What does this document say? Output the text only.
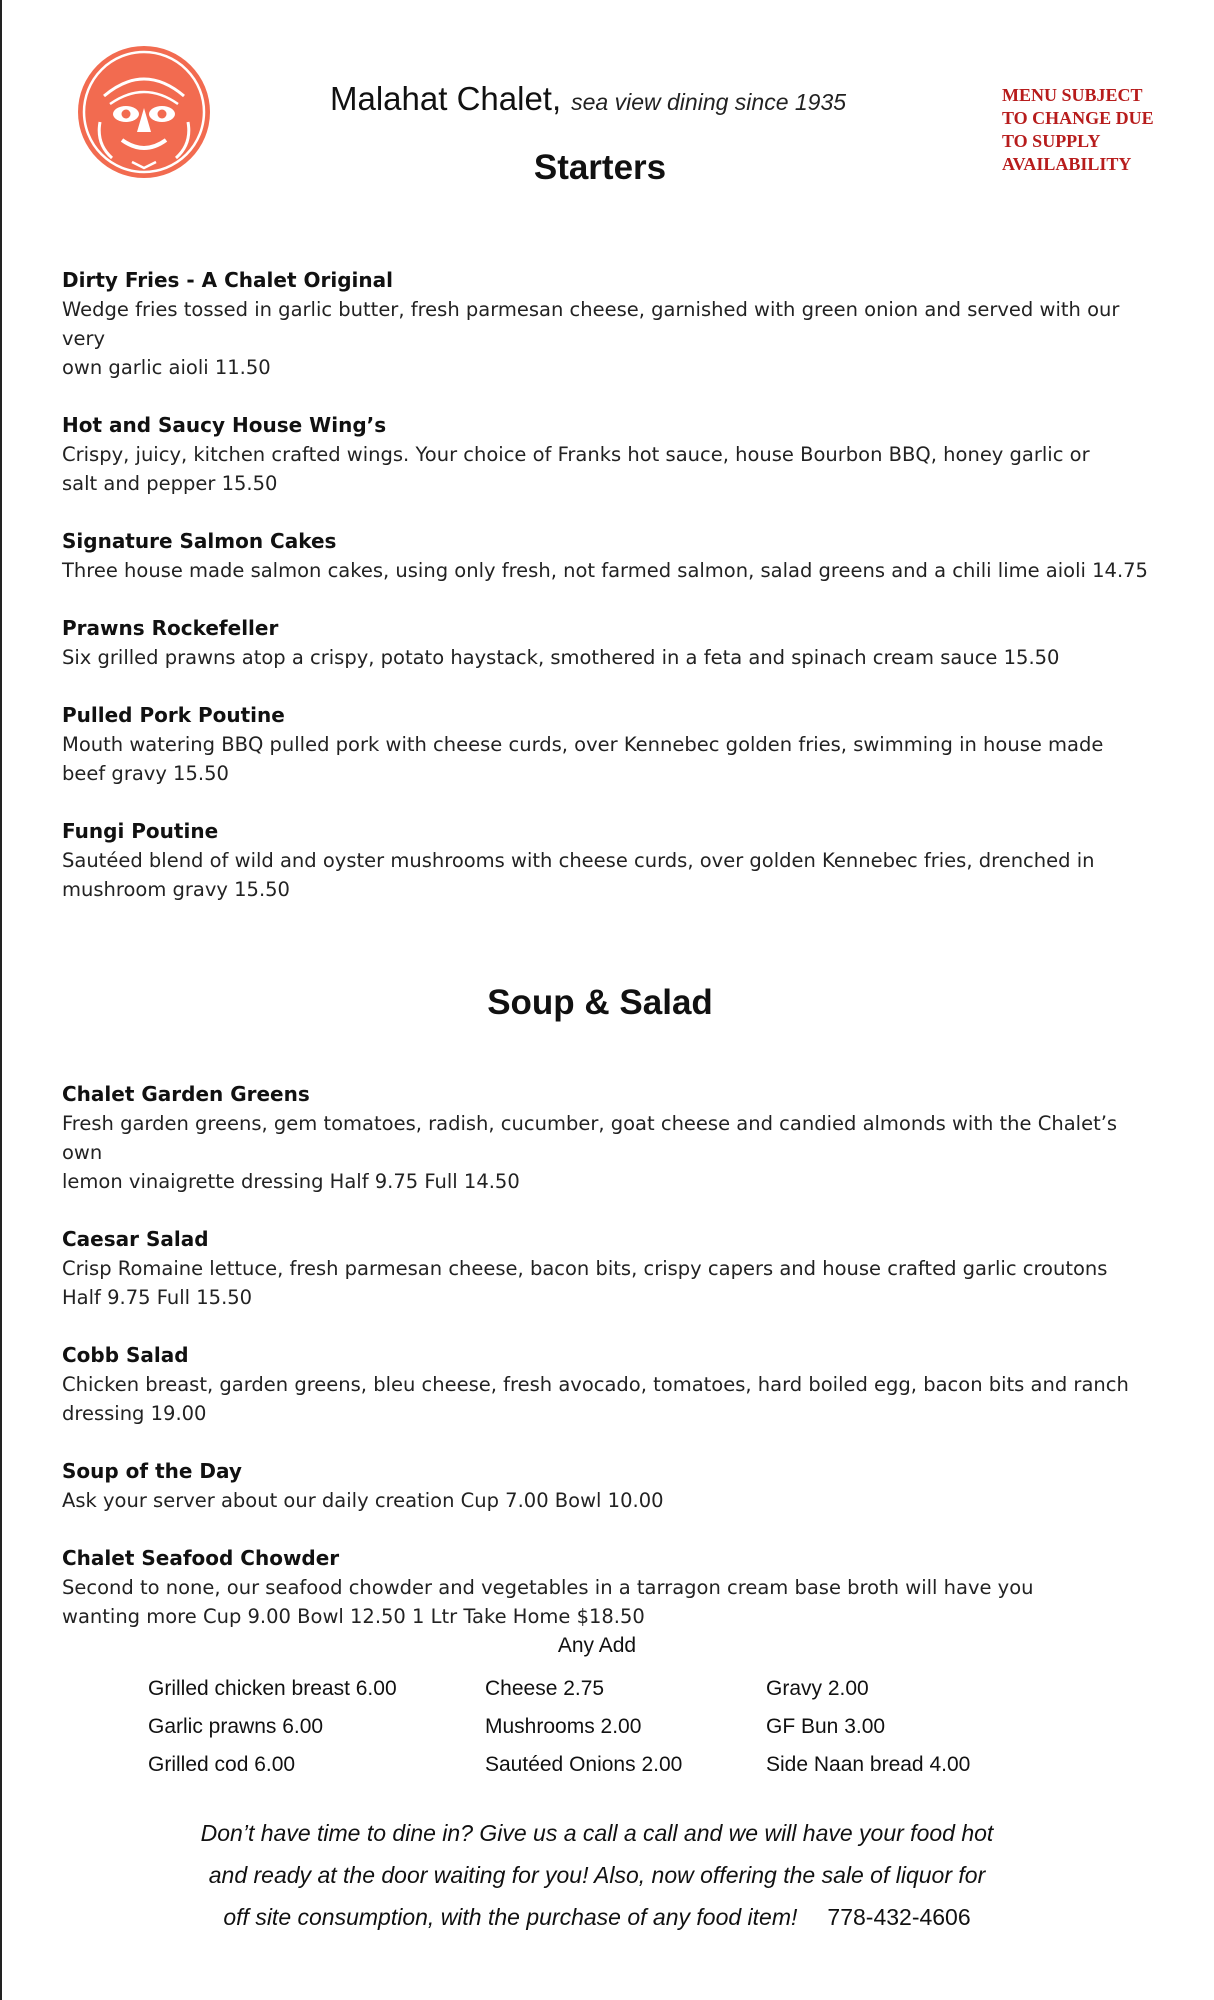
Malahat Chalet, sea view dining since 1935	MENU SUBJECT
TO CHANGE DUE
TO SUPPLY
AVAILABILITY
Starters
Dirty Fries - A Chalet Original
Wedge fries tossed in garlic butter, fresh parmesan cheese, garnished with green onion and served with our very
own garlic aioli 11.50
Hot and Saucy House Wing’s
Crispy, juicy, kitchen crafted wings. Your choice of Franks hot sauce, house Bourbon BBQ, honey garlic or
salt and pepper 15.50
Signature Salmon Cakes
Three house made salmon cakes, using only fresh, not farmed salmon, salad greens and a chili lime aioli 14.75
Prawns Rockefeller
Six grilled prawns atop a crispy, potato haystack, smothered in a feta and spinach cream sauce 15.50
Pulled Pork Poutine
Mouth watering BBQ pulled pork with cheese curds, over Kennebec golden fries, swimming in house made
beef gravy 15.50
Fungi Poutine
Sautéed blend of wild and oyster mushrooms with cheese curds, over golden Kennebec fries, drenched in
mushroom gravy 15.50
Soup & Salad
Chalet Garden Greens
Fresh garden greens, gem tomatoes, radish, cucumber, goat cheese and candied almonds with the Chalet’s own
lemon vinaigrette dressing Half 9.75 Full 14.50
Caesar Salad
Crisp Romaine lettuce, fresh parmesan cheese, bacon bits, crispy capers and house crafted garlic croutons
Half 9.75 Full 15.50
Cobb Salad
Chicken breast, garden greens, bleu cheese, fresh avocado, tomatoes, hard boiled egg, bacon bits and ranch
dressing 19.00
Soup of the Day
Ask your server about our daily creation Cup 7.00 Bowl 10.00
Chalet Seafood Chowder
Second to none, our seafood chowder and vegetables in a tarragon cream base broth will have you
wanting more Cup 9.00 Bowl 12.50 1 Ltr Take Home $18.50
Any Add
Grilled chicken breast 6.00
Garlic prawns 6.00
Grilled cod 6.00
Cheese 2.75
Mushrooms 2.00
Sautéed Onions 2.00
Gravy 2.00
GF Bun 3.00
Side Naan bread 4.00
Don’t have time to dine in? Give us a call a call and we will have your food hot
and ready at the door waiting for you! Also, now offering the sale of liquor for
off site consumption, with the purchase of any food item! 778-432-4606
